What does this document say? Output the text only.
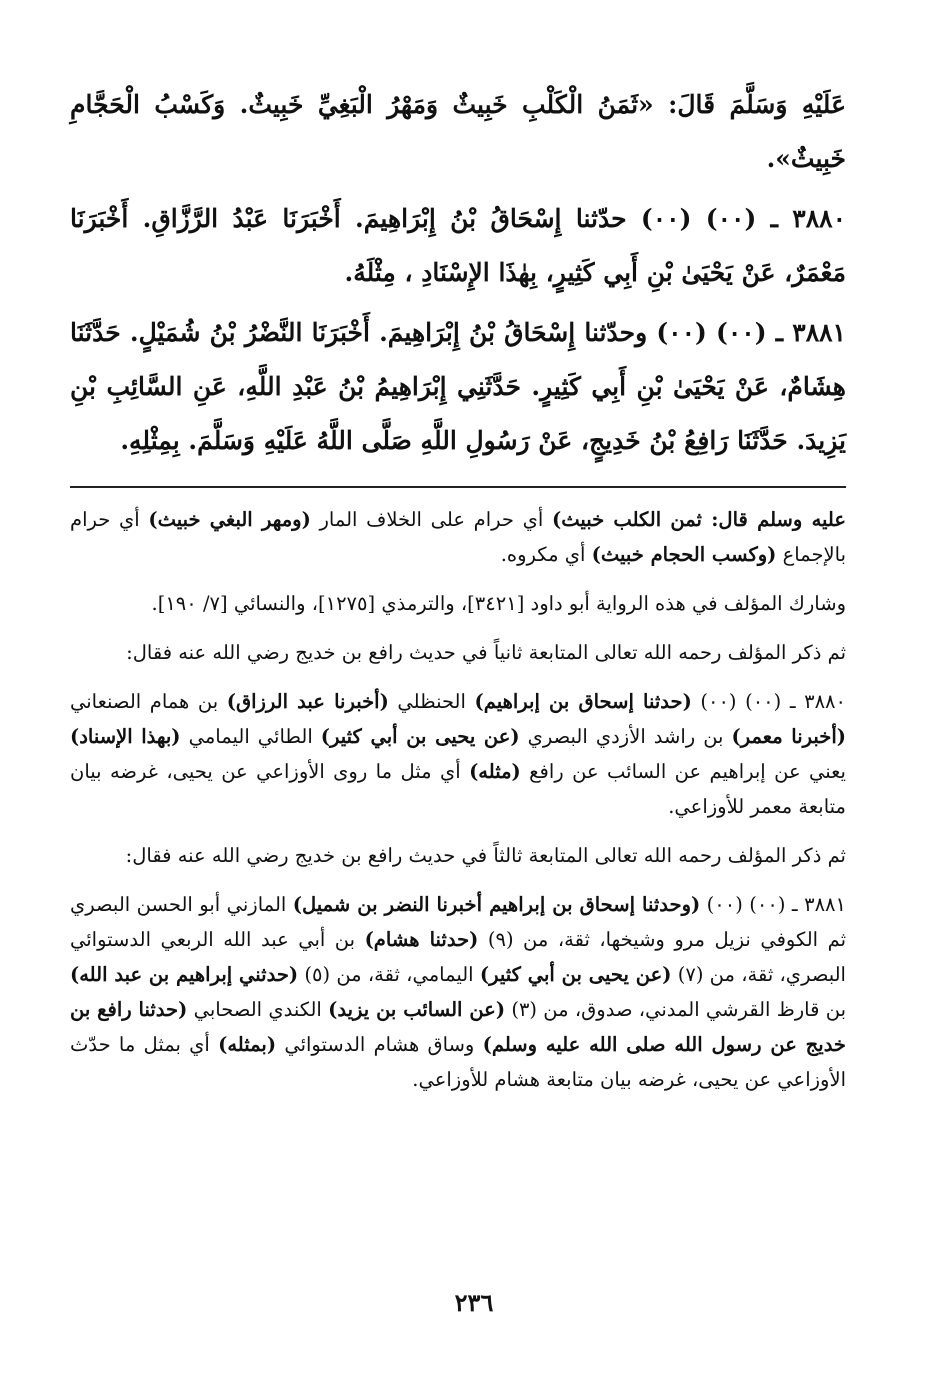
عَلَيْهِ وَسَلَّمَ قَالَ: «ثَمَنُ الْكَلْبِ خَبِيثٌ وَمَهْرُ الْبَغِيِّ خَبِيثٌ. وَكَسْبُ الْحَجَّامِ خَبِيثٌ».

٣٨٨٠ ـ (٠٠) (٠٠) حدّثنا إِسْحَاقُ بْنُ إِبْرَاهِيمَ. أَخْبَرَنَا عَبْدُ الرَّزَّاقِ. أَخْبَرَنَا مَعْمَرٌ، عَنْ يَحْيَىٰ بْنِ أَبِي كَثِيرٍ، بِهٰذَا الإِسْنَادِ ، مِثْلَهُ.

٣٨٨١ ـ (٠٠) (٠٠) وحدّثنا إِسْحَاقُ بْنُ إِبْرَاهِيمَ. أَخْبَرَنَا النَّضْرُ بْنُ شُمَيْلٍ. حَدَّثَنَا هِشَامٌ، عَنْ يَحْيَىٰ بْنِ أَبِي كَثِيرٍ. حَدَّثَنِي إِبْرَاهِيمُ بْنُ عَبْدِ اللَّهِ، عَنِ السَّائِبِ بْنِ يَزِيدَ. حَدَّثَنَا رَافِعُ بْنُ خَدِيجٍ، عَنْ رَسُولِ اللَّهِ صَلَّى اللَّهُ عَلَيْهِ وَسَلَّمَ. بِمِثْلِهِ.

عليه وسلم قال: ثمن الكلب خبيث) أي حرام على الخلاف المار (ومهر البغي خبيث) أي حرام بالإجماع (وكسب الحجام خبيث) أي مكروه.

وشارك المؤلف في هذه الرواية أبو داود [٣٤٢١]، والترمذي [١٢٧٥]، والنسائي [٧/ ١٩٠].

ثم ذكر المؤلف رحمه الله تعالى المتابعة ثانياً في حديث رافع بن خديج رضي الله عنه فقال:

٣٨٨٠ ـ (٠٠) (٠٠) (حدثنا إسحاق بن إبراهيم) الحنظلي (أخبرنا عبد الرزاق) بن همام الصنعاني (أخبرنا معمر) بن راشد الأزدي البصري (عن يحيى بن أبي كثير) الطائي اليمامي (بهذا الإسناد) يعني عن إبراهيم عن السائب عن رافع (مثله) أي مثل ما روى الأوزاعي عن يحيى، غرضه بيان متابعة معمر للأوزاعي.

ثم ذكر المؤلف رحمه الله تعالى المتابعة ثالثاً في حديث رافع بن خديج رضي الله عنه فقال:

٣٨٨١ ـ (٠٠) (٠٠) (وحدثنا إسحاق بن إبراهيم أخبرنا النضر بن شميل) المازني أبو الحسن البصري ثم الكوفي نزيل مرو وشيخها، ثقة، من (٩) (حدثنا هشام) بن أبي عبد الله الربعي الدستوائي البصري، ثقة، من (٧) (عن يحيى بن أبي كثير) اليمامي، ثقة، من (٥) (حدثني إبراهيم بن عبد الله) بن قارظ القرشي المدني، صدوق، من (٣) (عن السائب بن يزيد) الكندي الصحابي (حدثنا رافع بن خديج عن رسول الله صلى الله عليه وسلم) وساق هشام الدستوائي (بمثله) أي بمثل ما حدّث الأوزاعي عن يحيى، غرضه بيان متابعة هشام للأوزاعي.

٢٣٦
